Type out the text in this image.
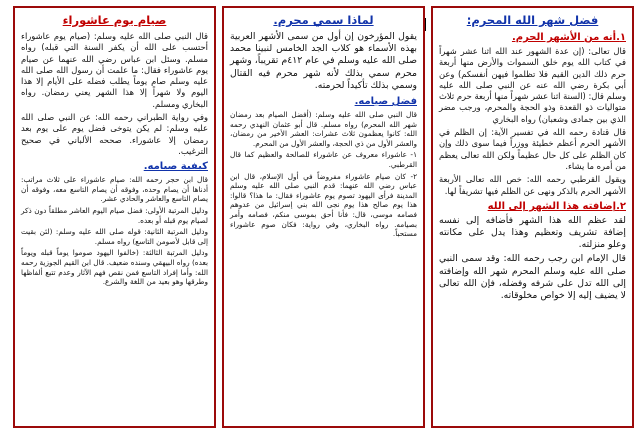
فضل شهر الله المحرم:
١.أنه من الأشهر الحرم.
قال تعالى: (إن عدة الشهور عند الله اثنا عشر شهراً في كتاب الله يوم خلق السموات والأرض منها أربعة حرم ذلك الدين القيم فلا تظلموا فيهن أنفسكم) وعن أبي بكرة رضي الله عنه عن النبي صلى الله عليه وسلم قال: (السنة اثنا عشر شهراً منها أربعة حرم ثلاث متواليات ذو القعدة وذو الحجة والمحرم، ورجب مضر الذي بين جمادى وشعبان) رواه البخاري
قال قتادة رحمه الله في تفسير الآية: إن الظلم في الأشهر الحرم أعظم خطيئة ووزراً فيما سوى ذلك وإن كان الظلم على كل حال عظيماً ولكن الله تعالى يعظم من أمره ما يشاء.
ويقول القرطبي رحمه الله: خص الله تعالى الأربعة الأشهر الحرم بالذكر ونهى عن الظلم فيها تشريفاً لها.
٢.إضافته هذا الشهر إلى الله
لقد عظم الله هذا الشهر فأضافه إلى نفسه إضافة تشريف وتعظيم وهذا يدل على مكانته وعلو منزلته.
قال الإمام ابن رجب رحمه الله: وقد سمى النبي صلى الله عليه وسلم المحرم شهر الله وإضافته إلى الله تدل على شرفه وفضله، فإن الله تعالى لا يضيف إليه إلا خواص مخلوقاته.
لماذا سمي محرم.
يقول المؤرخون إن أول من سمى الأشهر العربية بهذه الأسماء هو كلاب الجد الخامس لنبينا محمد صلى الله عليه وسلم في عام ٤١٢م تقريباً، وشهر محرم سمي بذلك لأنه شهر محرم فيه القتال وسمي بذلك تأكيداً لحرمته.
فضل صيامه.
قال النبي صلى الله عليه وسلم: (أفضل الصيام بعد رمضان شهر الله المحرم) رواه مسلم. قال أبو عثمان النهدي رحمه الله: كانوا يعظمون ثلاث عشرات: العشر الأخير من رمضان، والعشر الأول من ذي الحجة، والعشر الأول من المحرم.
١- عاشوراء معروف عن عاشوراء للصالحة والعظيم كما قال القرطبي.
٢- كان صيام عاشوراء مفروضاً في أول الإسلام، قال ابن عباس رضي الله عنهما: قدم النبي صلى الله عليه وسلم المدينة فرأى اليهود تصوم يوم عاشوراء فقال: ما هذا؟ قالوا: هذا يوم صالح هذا يوم نجى الله بني إسرائيل من عدوهم فصامه موسى، قال: فأنا أحق بموسى منكم، فصامه وأمر بصيامه. رواه البخاري، وفي رواية: فكان صوم عاشوراء مستحباً.
صيام يوم عاشوراء
قال النبي صلى الله عليه وسلم: (صيام يوم عاشوراء أحتسب على الله أن يكفر السنة التي قبله) رواه مسلم. وسئل ابن عباس رضي الله عنهما عن صيام يوم عاشوراء فقال: ما علمت أن رسول الله صلى الله عليه وسلم صام يوماً يطلب فضله على الأيام إلا هذا اليوم ولا شهراً إلا هذا الشهر يعني رمضان. رواه البخاري ومسلم.
وفي رواية الطبراني رحمه الله: عن النبي صلى الله عليه وسلم: لم يكن يتوخى فضل يوم على يوم بعد رمضان إلا عاشوراء. صححه الألباني في صحيح الترغيب.
كيفية صيامه.
قال ابن حجر رحمه الله: صيام عاشوراء على ثلاث مراتب: أدناها أن يصام وحده، وفوقه أن يصام التاسع معه، وفوقه أن يصام التاسع والعاشر والحادي عشر.
ودليل المرتبة الأولى: فضل صيام اليوم العاشر مطلقاً دون ذكر لصيام يوم قبله أو بعده.
ودليل المرتبة الثانية: قوله صلى الله عليه وسلم: (لئن بقيت إلى قابل لأصومن التاسع) رواه مسلم.
ودليل المرتبة الثالثة: (خالفوا اليهود صوموا يوماً قبله ويوماً بعده) رواه البيهقي وسنده ضعيف. قال ابن القيم الجوزية رحمه الله: وأما إفراد التاسع فمن نقص فهم الآثار وعدم تتبع ألفاظها وطرقها وهو بعيد من اللغة والشرع.
